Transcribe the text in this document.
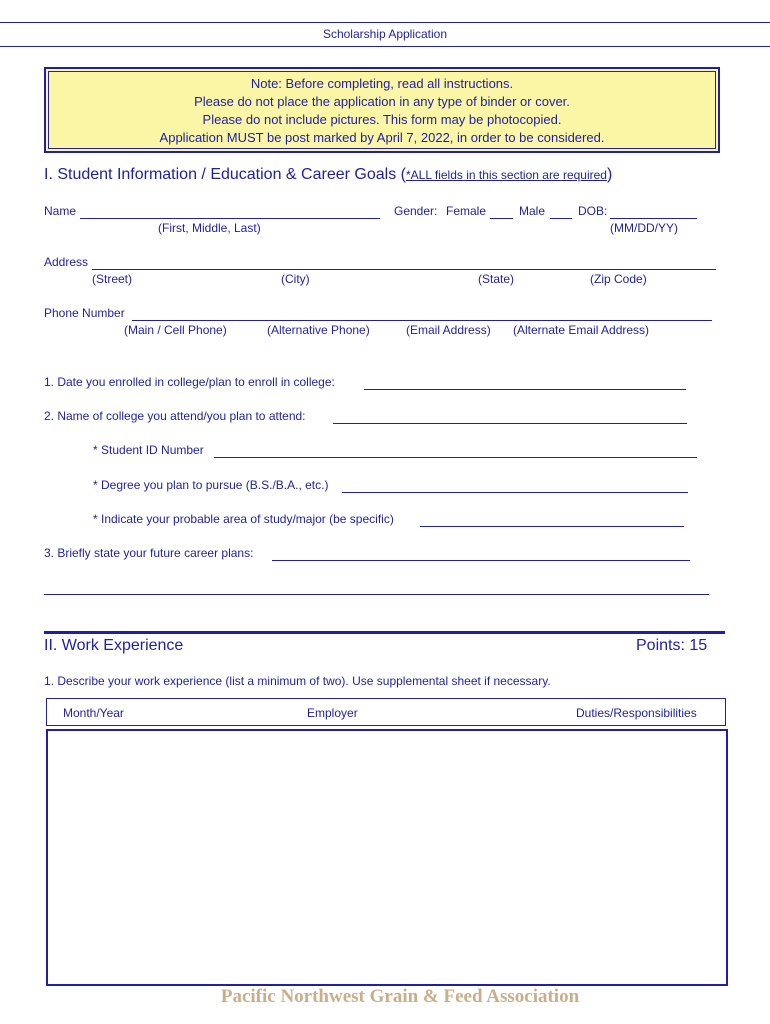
Scholarship Application
Note: Before completing, read all instructions.
Please do not place the application in any type of binder or cover.
Please do not include pictures. This form may be photocopied.
Application MUST be post marked by April 7, 2022, in order to be considered.
I. Student Information / Education & Career Goals (*ALL fields in this section are required)
Name	Gender: Female	Male	DOB:
(First, Middle, Last)	(MM/DD/YY)
Address
(Street)	(City)	(State)	(Zip Code)
Phone Number
(Main / Cell Phone)	(Alternative Phone)	(Email Address) (Alternate Email Address)
1. Date you enrolled in college/plan to enroll in college:
2. Name of college you attend/you plan to attend:
* Student ID Number
* Degree you plan to pursue (B.S./B.A., etc.)
* Indicate your probable area of study/major (be specific)
3. Briefly state your future career plans:
II. Work Experience	Points: 15
1. Describe your work experience (list a minimum of two). Use supplemental sheet if necessary.
Month/Year	Employer	Duties/Responsibilities
Pacific Northwest Grain & Feed Association
